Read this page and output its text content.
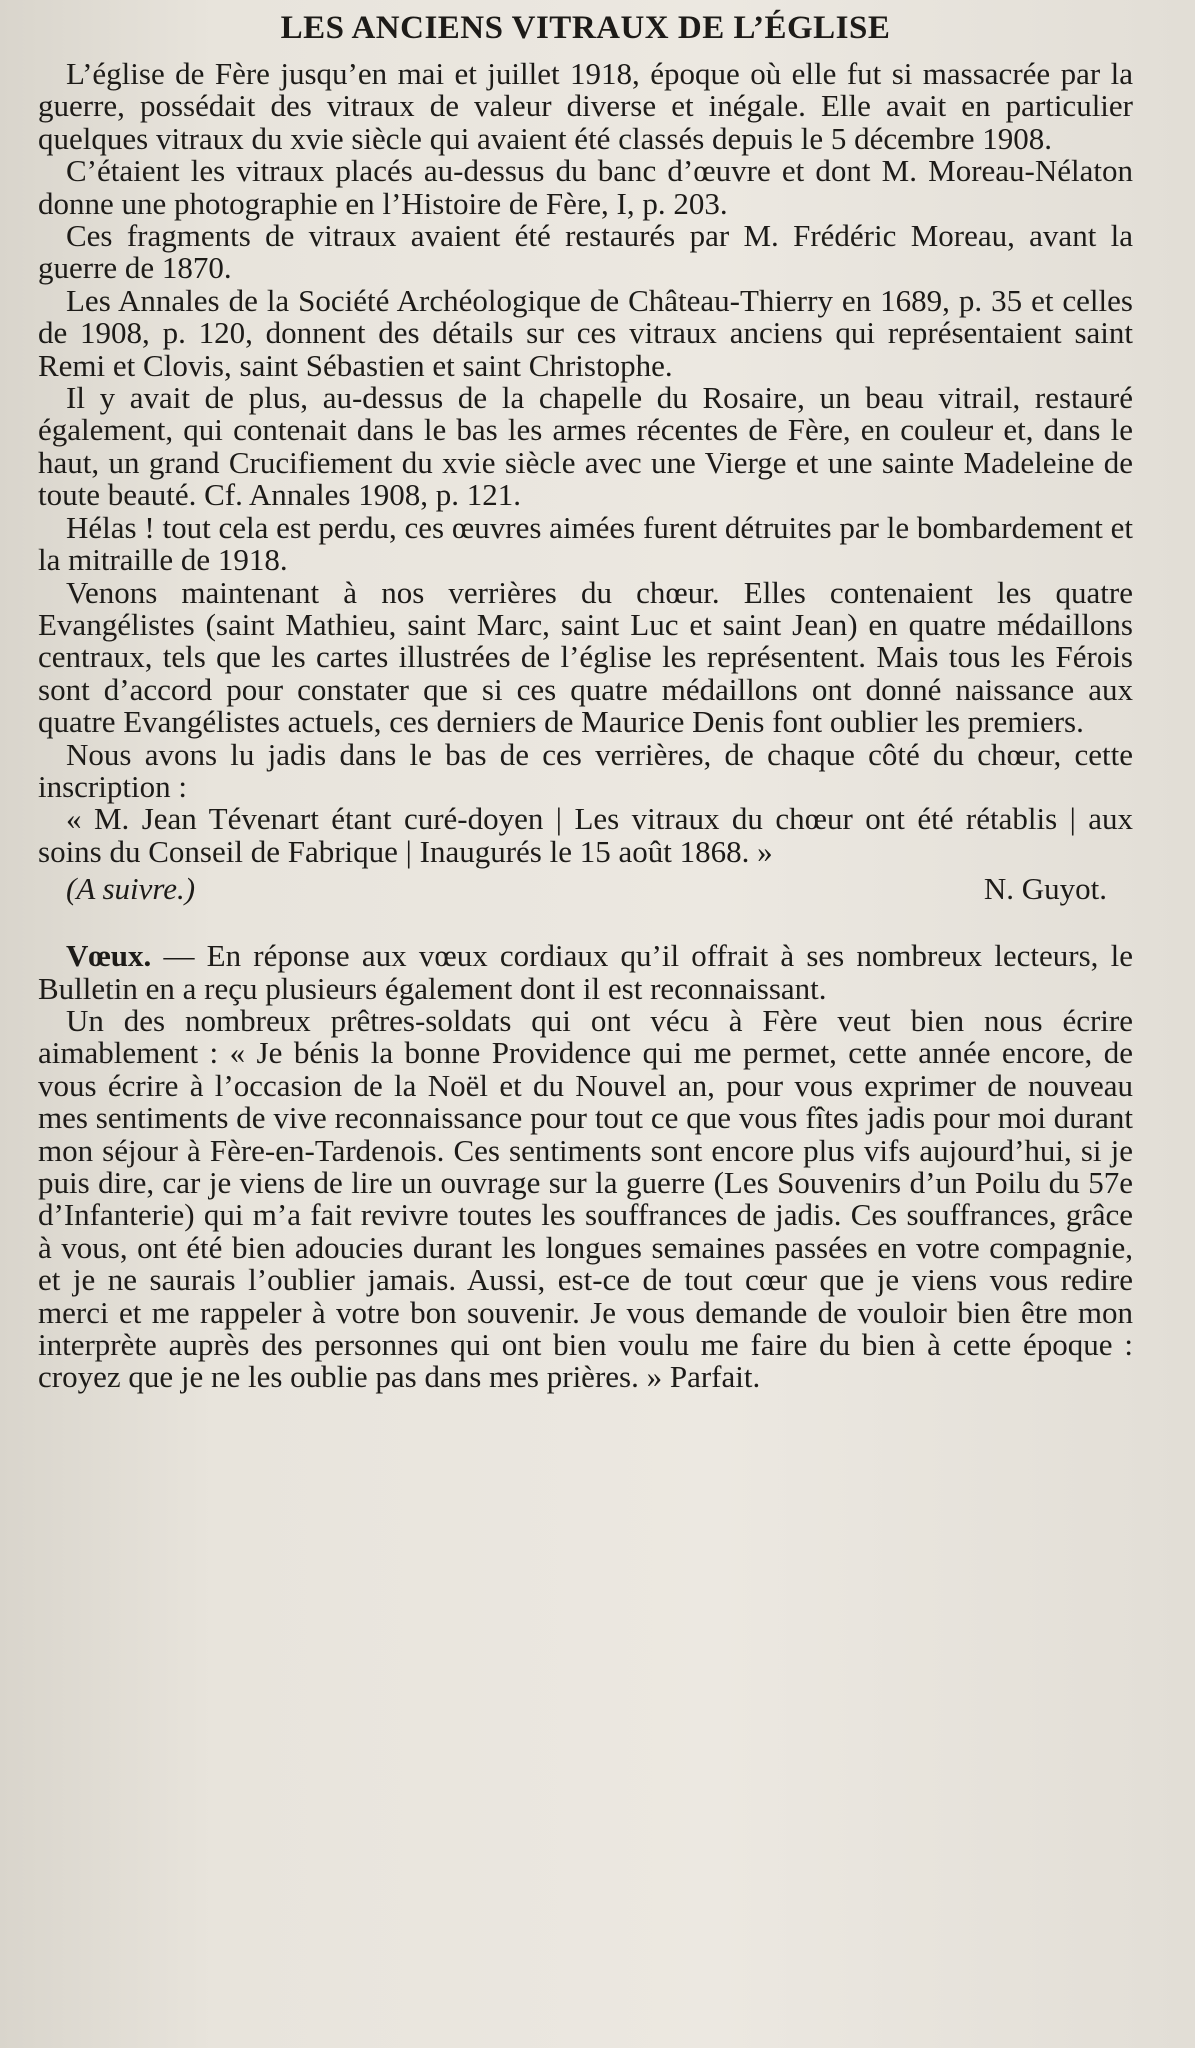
LES ANCIENS VITRAUX DE L’ÉGLISE

L’église de Fère jusqu’en mai et juillet 1918, époque où elle fut si massacrée par la guerre, possédait des vitraux de valeur diverse et inégale. Elle avait en particulier quelques vitraux du xvie siècle qui avaient été classés depuis le 5 décembre 1908.

C’étaient les vitraux placés au-dessus du banc d’œuvre et dont M. Moreau-Nélaton donne une photographie en l’Histoire de Fère, I, p. 203.

Ces fragments de vitraux avaient été restaurés par M. Frédéric Moreau, avant la guerre de 1870.

Les Annales de la Société Archéologique de Château-Thierry en 1689, p. 35 et celles de 1908, p. 120, donnent des détails sur ces vitraux anciens qui représentaient saint Remi et Clovis, saint Sébastien et saint Christophe.

Il y avait de plus, au-dessus de la chapelle du Rosaire, un beau vitrail, restauré également, qui contenait dans le bas les armes récentes de Fère, en couleur et, dans le haut, un grand Crucifiement du xvie siècle avec une Vierge et une sainte Madeleine de toute beauté. Cf. Annales 1908, p. 121.

Hélas ! tout cela est perdu, ces œuvres aimées furent détruites par le bombardement et la mitraille de 1918.

Venons maintenant à nos verrières du chœur. Elles contenaient les quatre Evangélistes (saint Mathieu, saint Marc, saint Luc et saint Jean) en quatre médaillons centraux, tels que les cartes illustrées de l’église les représentent. Mais tous les Férois sont d’accord pour constater que si ces quatre médaillons ont donné naissance aux quatre Evangélistes actuels, ces derniers de Maurice Denis font oublier les premiers.

Nous avons lu jadis dans le bas de ces verrières, de chaque côté du chœur, cette inscription :

« M. Jean Tévenart étant curé-doyen | Les vitraux du chœur ont été rétablis | aux soins du Conseil de Fabrique | Inaugurés le 15 août 1868. »

(A suivre.)	N. Guyot.

Vœux. — En réponse aux vœux cordiaux qu’il offrait à ses nombreux lecteurs, le Bulletin en a reçu plusieurs également dont il est reconnaissant.

Un des nombreux prêtres-soldats qui ont vécu à Fère veut bien nous écrire aimablement : « Je bénis la bonne Providence qui me permet, cette année encore, de vous écrire à l’occasion de la Noël et du Nouvel an, pour vous exprimer de nouveau mes sentiments de vive reconnaissance pour tout ce que vous fîtes jadis pour moi durant mon séjour à Fère-en-Tardenois. Ces sentiments sont encore plus vifs aujourd’hui, si je puis dire, car je viens de lire un ouvrage sur la guerre (Les Souvenirs d’un Poilu du 57e d’Infanterie) qui m’a fait revivre toutes les souffrances de jadis. Ces souffrances, grâce à vous, ont été bien adoucies durant les longues semaines passées en votre compagnie, et je ne saurais l’oublier jamais. Aussi, est-ce de tout cœur que je viens vous redire merci et me rappeler à votre bon souvenir. Je vous demande de vouloir bien être mon interprète auprès des personnes qui ont bien voulu me faire du bien à cette époque : croyez que je ne les oublie pas dans mes prières. » Parfait.
